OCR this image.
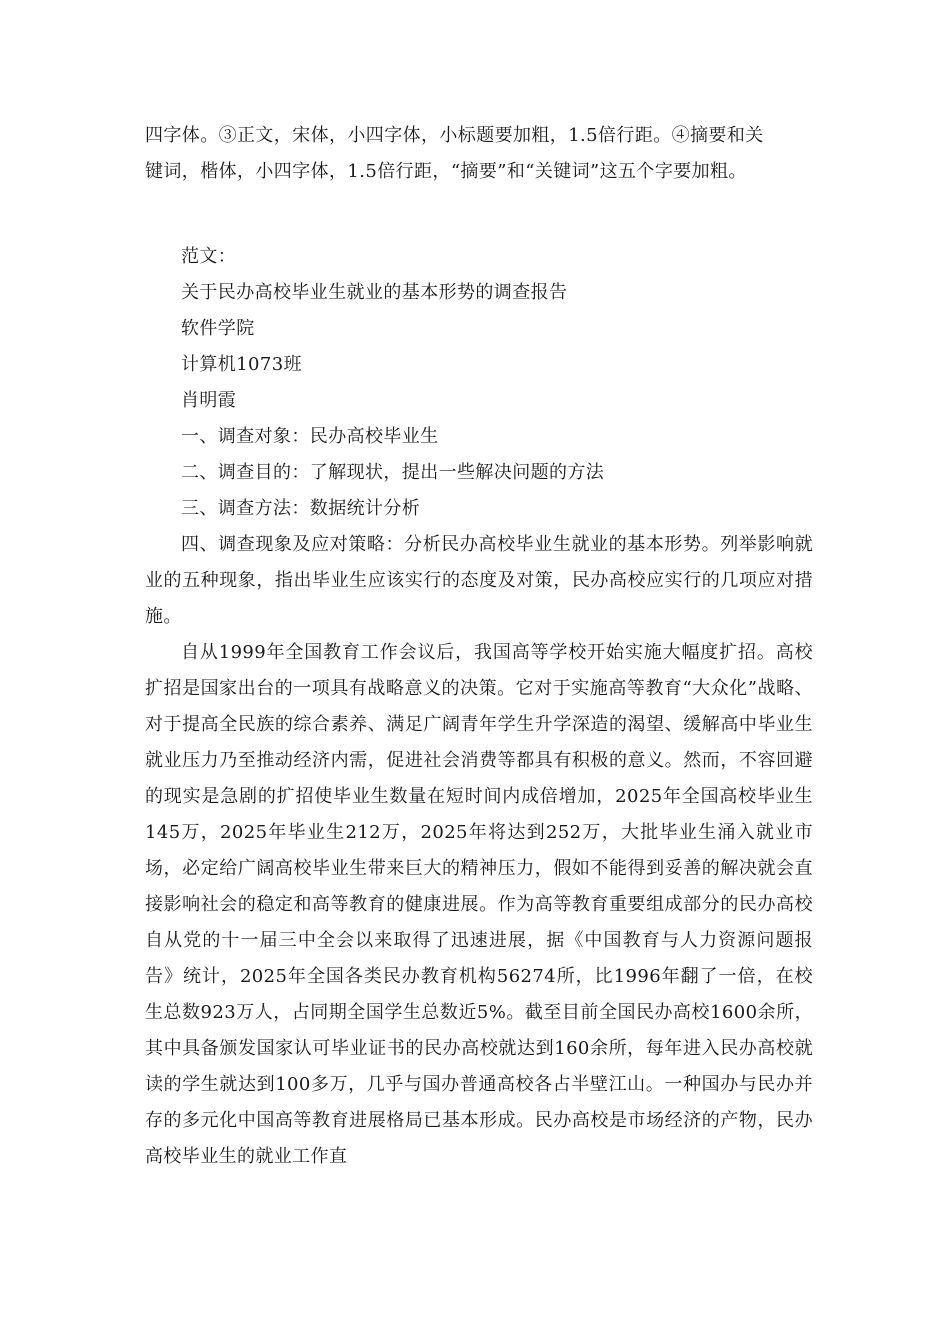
四字体。③正文，宋体，小四字体，小标题要加粗，1.5倍行距。④摘要和关
键词，楷体，小四字体，1.5倍行距，“摘要”和“关键词”这五个字要加粗。
范文：
关于民办高校毕业生就业的基本形势的调查报告
软件学院
计算机1073班
肖明霞
一、调查对象：民办高校毕业生
二、调查目的：了解现状，提出一些解决问题的方法
三、调查方法：数据统计分析

四、调查现象及应对策略：分析民办高校毕业生就业的基本形势。列举影响就业的五种现象，指出毕业生应该实行的态度及对策，民办高校应实行的几项应对措施。

自从1999年全国教育工作会议后，我国高等学校开始实施大幅度扩招。高校扩招是国家出台的一项具有战略意义的决策。它对于实施高等教育“大众化”战略、对于提高全民族的综合素养、满足广阔青年学生升学深造的渴望、缓解高中毕业生就业压力乃至推动经济内需，促进社会消费等都具有积极的意义。然而，不容回避的现实是急剧的扩招使毕业生数量在短时间内成倍增加，2025年全国高校毕业生145万，2025年毕业生212万，2025年将达到252万，大批毕业生涌入就业市场，必定给广阔高校毕业生带来巨大的精神压力，假如不能得到妥善的解决就会直接影响社会的稳定和高等教育的健康进展。作为高等教育重要组成部分的民办高校自从党的十一届三中全会以来取得了迅速进展，据《中国教育与人力资源问题报告》统计，2025年全国各类民办教育机构56274所，比1996年翻了一倍，在校生总数923万人，占同期全国学生总数近5%。截至目前全国民办高校1600余所，其中具备颁发国家认可毕业证书的民办高校就达到160余所，每年进入民办高校就读的学生就达到100多万，几乎与国办普通高校各占半壁江山。一种国办与民办并存的多元化中国高等教育进展格局已基本形成。民办高校是市场经济的产物，民办高校毕业生的就业工作直
